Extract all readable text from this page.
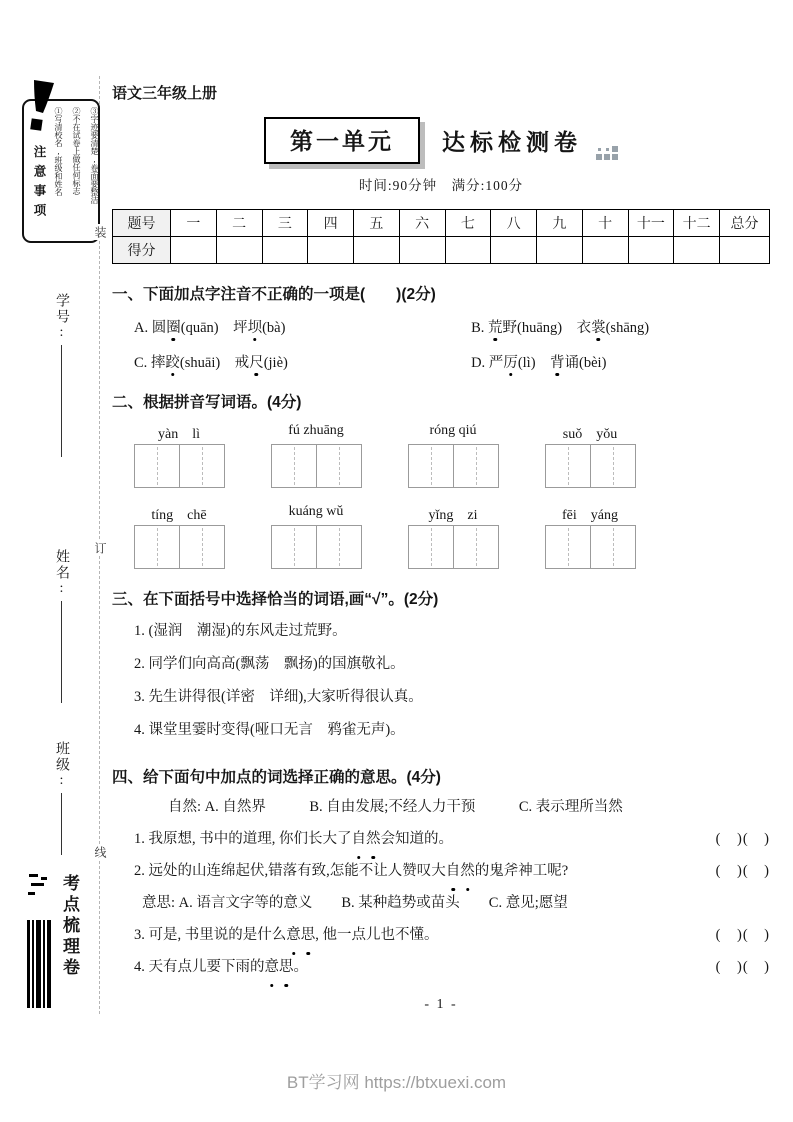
注意事项	①写清校名,班级和姓名	②不在试卷上做任何标志	③字迹要清楚,卷面要整洁
学号:
姓名:
班级:
装
订
线
考点梳理卷
语文三年级上册
第一单元	达标检测卷
时间:90分钟　满分:100分
题号	一	二	三	四	五	六	七	八	九	十	十一	十二	总分
得分													
一、下面加点字注音不正确的一项是(　　)(2分)
A. 圆圈(quān)　坪坝(bà)	B. 荒野(huāng)　衣裳(shāng)
C. 摔跤(shuāi)　戒尺(jiè)	D. 严厉(lì)　背诵(bèi)
二、根据拼音写词语。(4分)
yàn　lì	fú zhuāng	róng qiú	suǒ　yǒu
tíng　chē	kuáng wǔ	yǐng　zi	fēi　yáng
三、在下面括号中选择恰当的词语,画“√”。(2分)
1. (湿润　潮湿)的东风走过荒野。
2. 同学们向高高(飘荡　飘扬)的国旗敬礼。
3. 先生讲得很(详密　详细),大家听得很认真。
4. 课堂里霎时变得(哑口无言　鸦雀无声)。
四、给下面句中加点的词选择正确的意思。(4分)
自然: A. 自然界　　　B. 自由发展;不经人力干预　　　C. 表示理所当然
1. 我原想, 书中的道理, 你们长大了自然会知道的。	(　)(　)
2. 远处的山连绵起伏,错落有致,怎能不让人赞叹大自然的鬼斧神工呢?	(　)(　)
意思: A. 语言文字等的意义　　B. 某种趋势或苗头　　C. 意见;愿望
3. 可是, 书里说的是什么意思, 他一点儿也不懂。	(　)(　)
4. 天有点儿要下雨的意思。	(　)(　)
- 1 -
BT学习网 https://btxuexi.com
